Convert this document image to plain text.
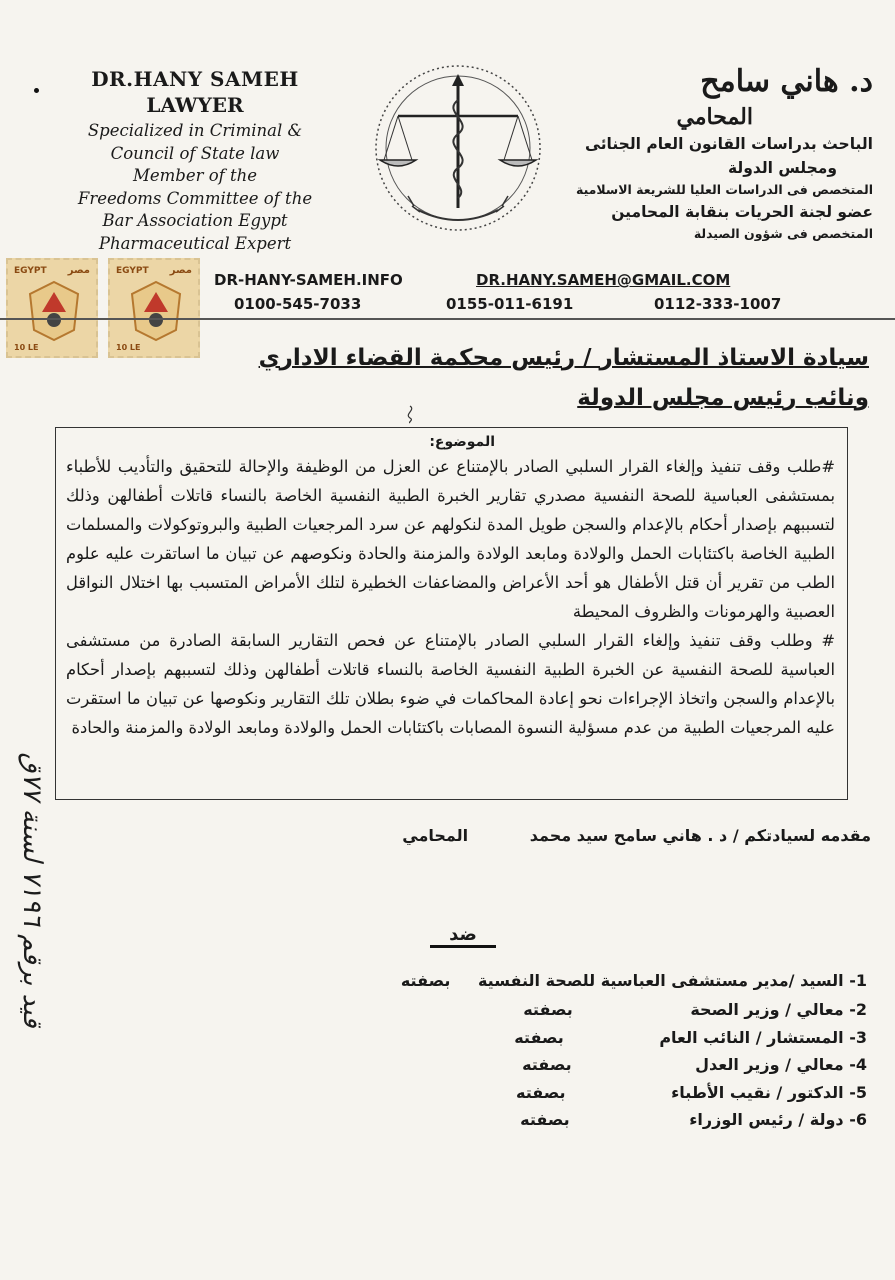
DR.HANY SAMEH
LAWYER
Specialized in Criminal &
Council of State law
Member of the
Freedoms Committee of the
Bar Association Egypt
Pharmaceutical Expert
د. هاني سامح
المحامي
الباحث بدراسات القانون العام الجنائى
ومجلس الدولة
المتخصص فى الدراسات العليا للشريعة الاسلامية
عضو لجنة الحريات بنقابة المحامين
المتخصص فى شؤون الصيدلة
EGYPT مصر
10 LE
EGYPT مصر
10 LE
DR-HANY-SAMEH.INFO	DR.HANY.SAMEH@GMAIL.COM
0100-545-7033	0155-011-6191	0112-333-1007
سيادة الاستاذ المستشار / رئيس محكمة القضاء الاداري ونائب رئيس مجلس الدولة
الموضوع:

#طلب وقف تنفيذ وإلغاء القرار السلبي الصادر بالإمتناع عن العزل من الوظيفة والإحالة للتحقيق والتأديب للأطباء بمستشفى العباسية للصحة النفسية مصدري تقارير الخبرة الطبية النفسية الخاصة بالنساء قاتلات أطفالهن وذلك لتسببهم بإصدار أحكام بالإعدام والسجن طويل المدة لنكولهم عن سرد المرجعيات الطبية والبروتوكولات والمسلمات الطبية الخاصة باكتئابات الحمل والولادة ومابعد الولادة والمزمنة والحادة ونكوصهم عن تبيان ما اساتقرت عليه علوم الطب من تقرير أن قتل الأطفال هو أحد الأعراض والمضاعفات الخطيرة لتلك الأمراض المتسبب بها اختلال النواقل العصبية والهرمونات والظروف المحيطة

# وطلب وقف تنفيذ وإلغاء القرار السلبي الصادر بالإمتناع عن فحص التقارير السابقة الصادرة من مستشفى العباسية للصحة النفسية عن الخبرة الطبية النفسية الخاصة بالنساء قاتلات أطفالهن وذلك لتسببهم بإصدار أحكام بالإعدام والسجن واتخاذ الإجراءات نحو إعادة المحاكمات في ضوء بطلان تلك التقارير ونكوصها عن تبيان ما استقرت عليه المرجعيات الطبية من عدم مسؤلية النسوة المصابات باكتئابات الحمل والولادة ومابعد الولادة والمزمنة والحادة

مقدمه لسيادتكم / د . هاني سامح سيد محمد المحامي
ضد
1- السيد /مدير مستشفى العباسية للصحة النفسية بصفته
2- معالي / وزير الصحة بصفته
3- المستشار / النائب العام بصفته
4- معالي / وزير العدل بصفته
5- الدكتور / نقيب الأطباء بصفته
6- دولة / رئيس الوزراء بصفته
قيد برقم ٧١٩٦ لسنة ٧٧ق
